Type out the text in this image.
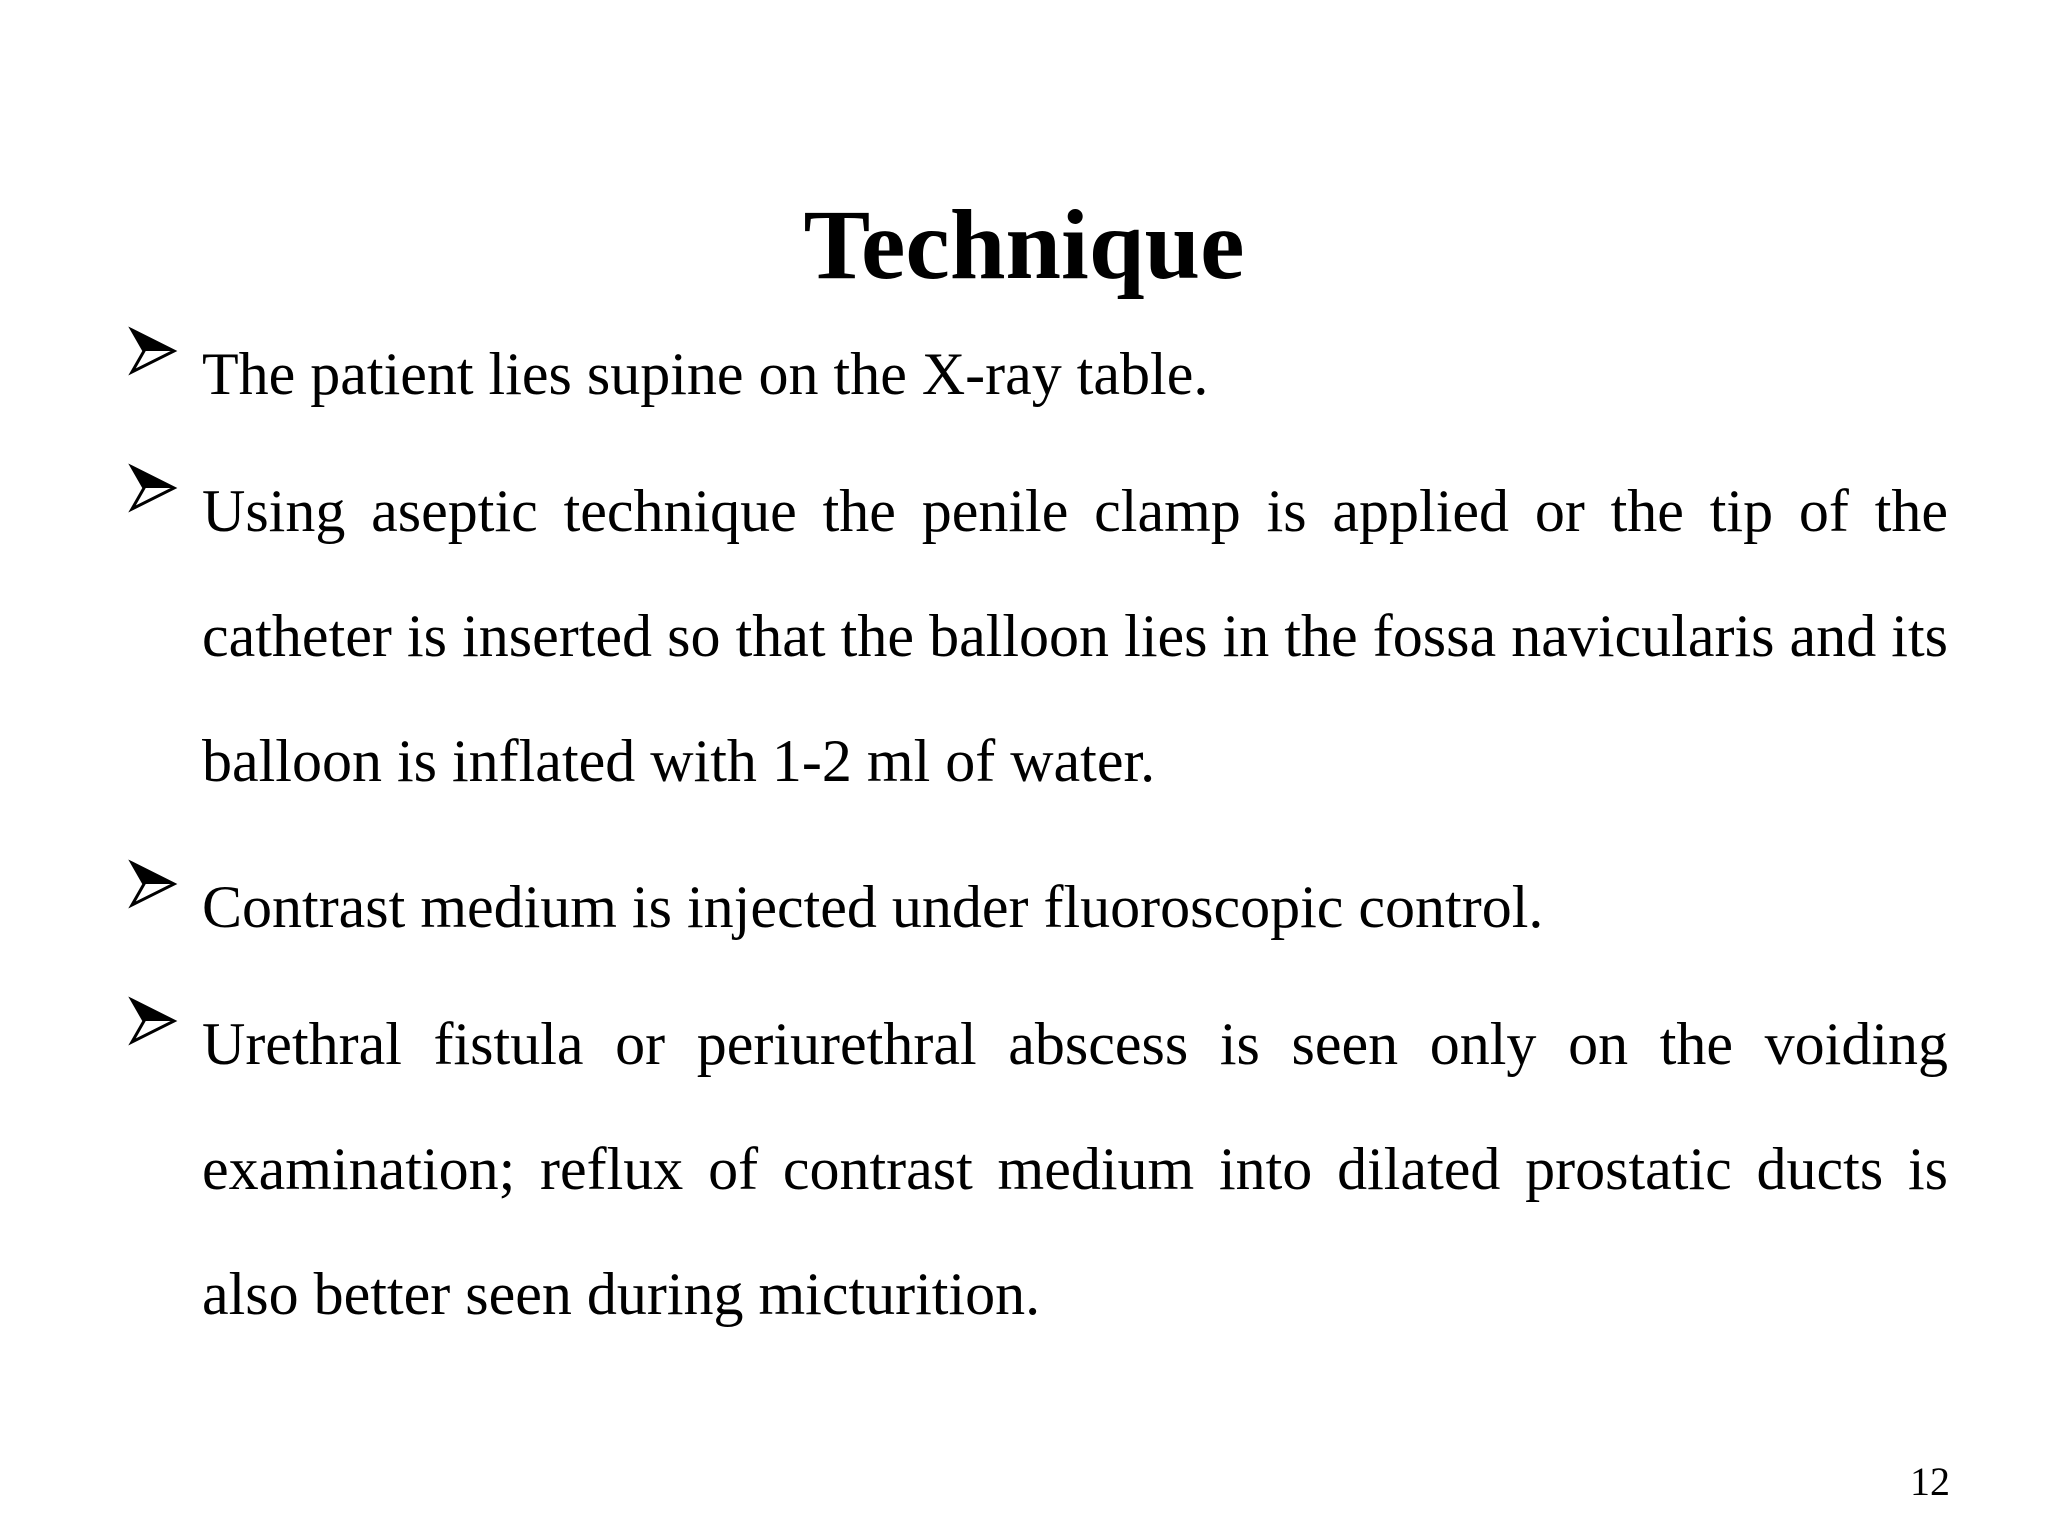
Technique

The patient lies supine on the X-ray table.

Using aseptic technique the penile clamp is applied or the tip of the catheter is inserted so that the balloon lies in the fossa navicularis and its balloon is inflated with 1-2 ml of water.

Contrast medium is injected under fluoroscopic control.

Urethral fistula or periurethral abscess is seen only on the voiding examination; reflux of contrast medium into dilated prostatic ducts is also better seen during micturition.

12
